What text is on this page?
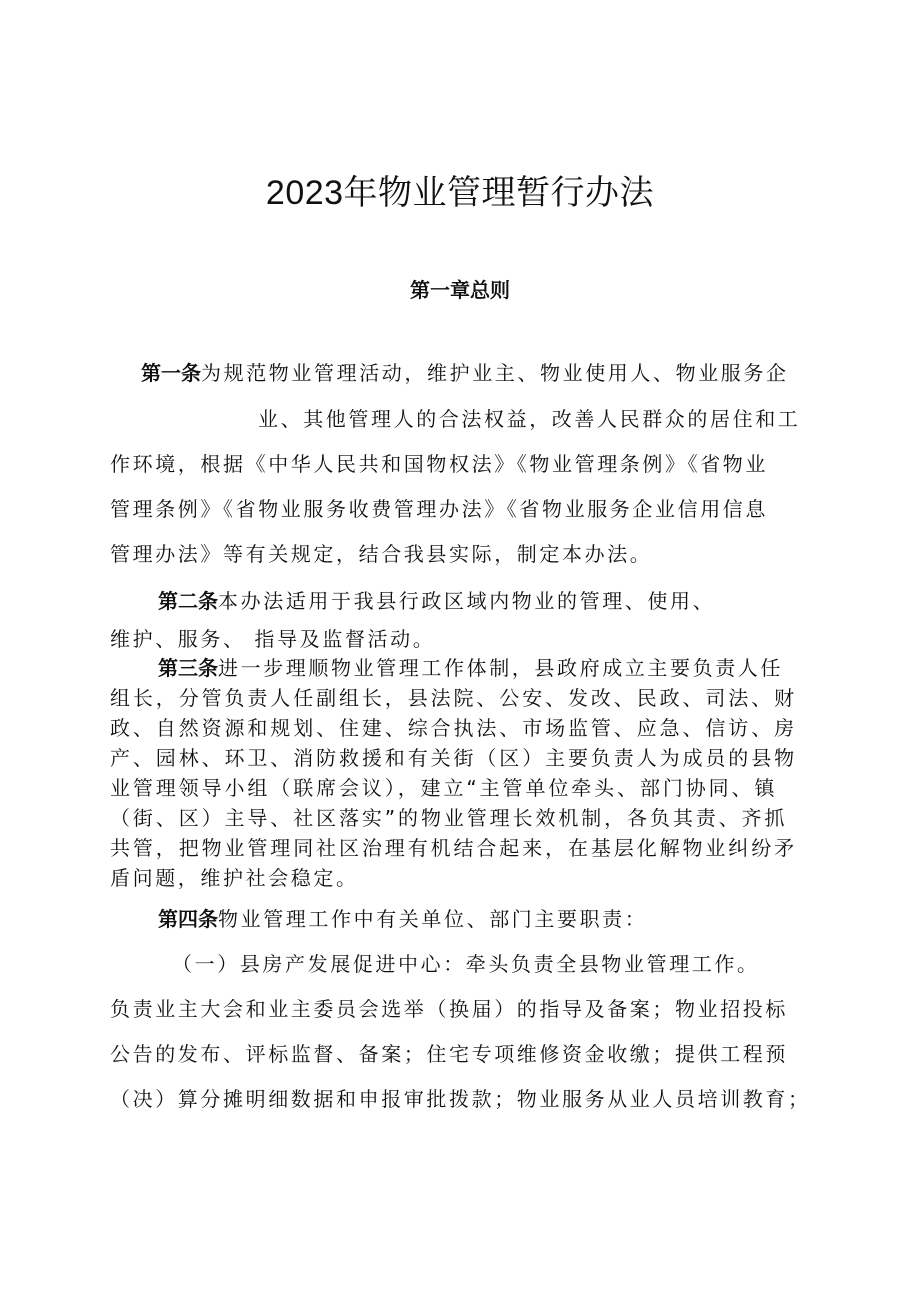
2023年物业管理暂行办法
第一章总则
第一条为规范物业管理活动，维护业主、物业使用人、物业服务企
业、其他管理人的合法权益，改善人民群众的居住和工
作环境，根据《中华人民共和国物权法》《物业管理条例》《省物业
管理条例》《省物业服务收费管理办法》《省物业服务企业信用信息
管理办法》等有关规定，结合我县实际，制定本办法。
第二条本办法适用于我县行政区域内物业的管理、使用、
维护、服务、 指导及监督活动。
第三条进一步理顺物业管理工作体制，县政府成立主要负责人任
组长，分管负责人任副组长，县法院、公安、发改、民政、司法、财
政、自然资源和规划、住建、综合执法、市场监管、应急、信访、房
产、园林、环卫、消防救援和有关街（区）主要负责人为成员的县物
业管理领导小组（联席会议），建立“主管单位牵头、部门协同、镇
（街、区）主导、社区落实”的物业管理长效机制，各负其责、齐抓
共管，把物业管理同社区治理有机结合起来，在基层化解物业纠纷矛
盾问题，维护社会稳定。
第四条物业管理工作中有关单位、部门主要职责：
（一）县房产发展促进中心：牵头负责全县物业管理工作。
负责业主大会和业主委员会选举（换届）的指导及备案；物业招投标
公告的发布、评标监督、备案；住宅专项维修资金收缴；提供工程预
（决）算分摊明细数据和申报审批拨款；物业服务从业人员培训教育；
